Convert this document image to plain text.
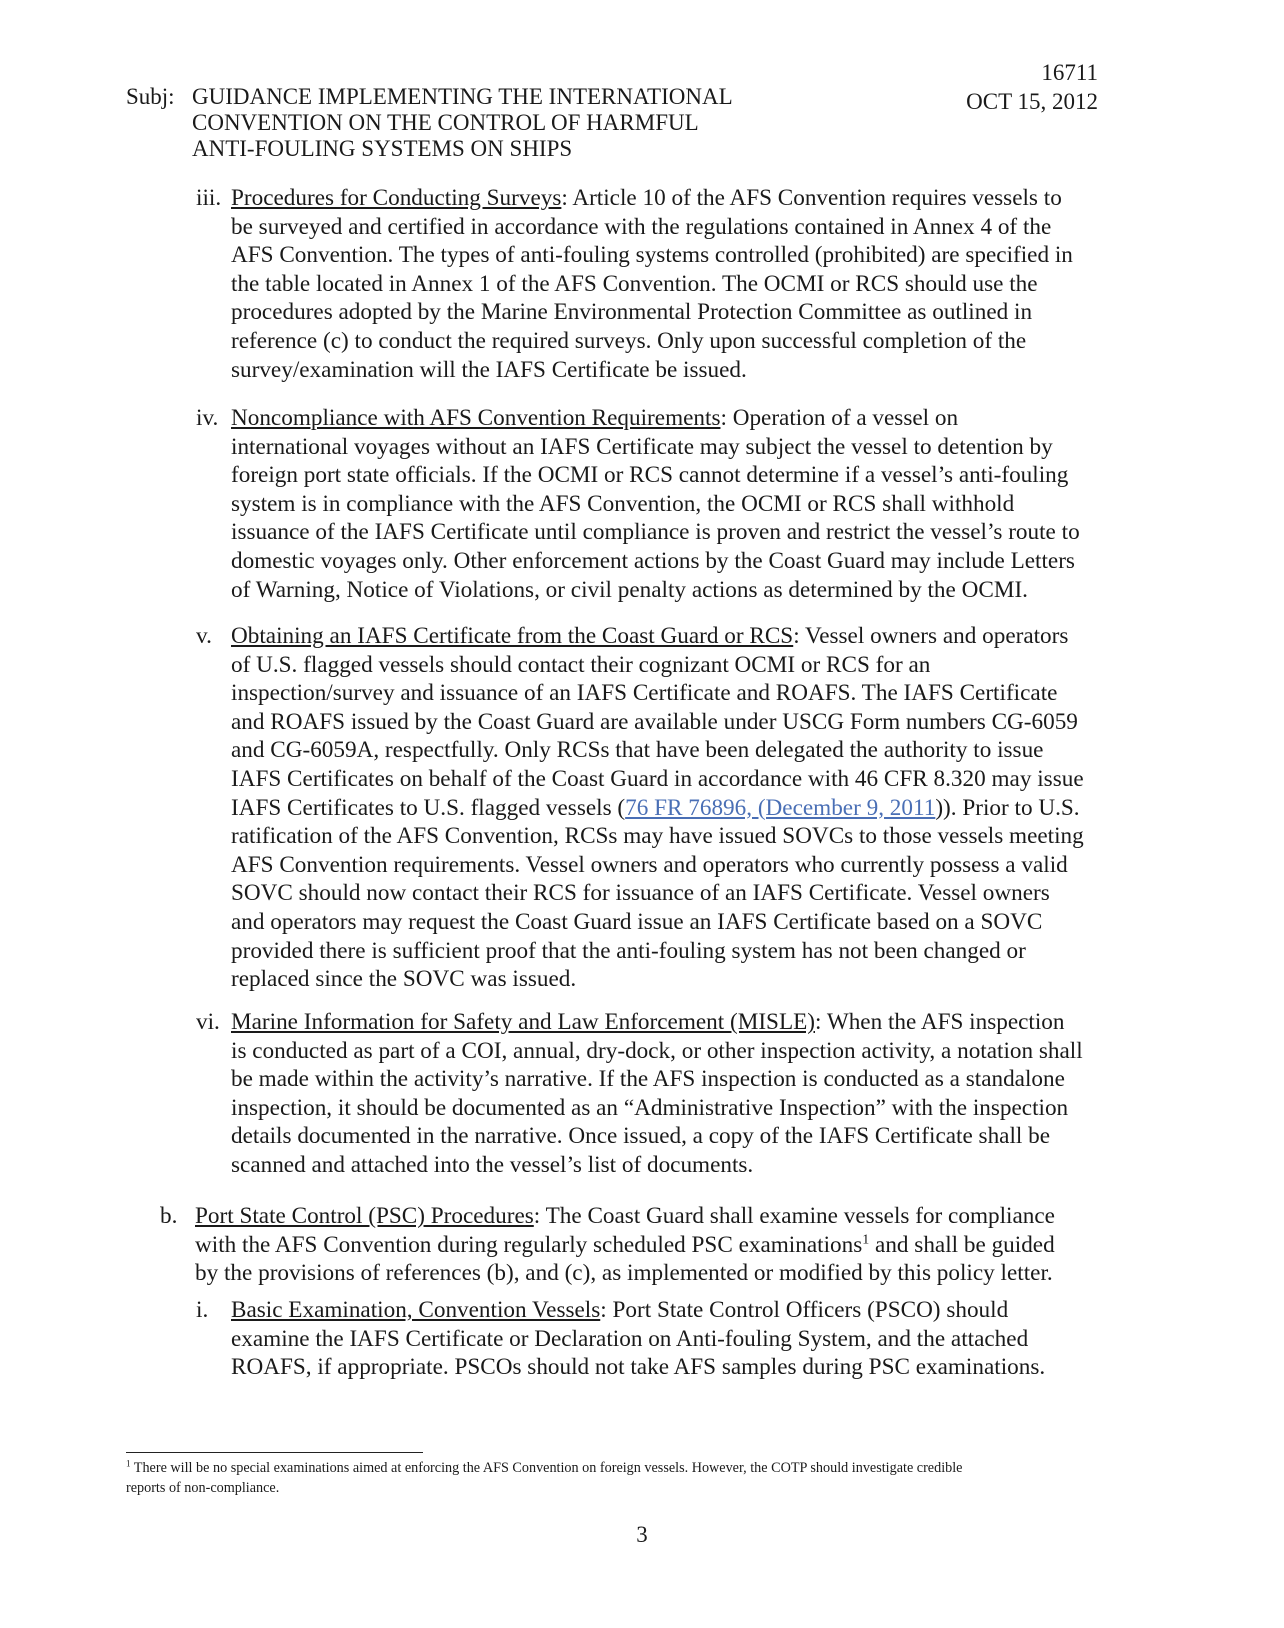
16711
OCT 15, 2012
Subj: GUIDANCE IMPLEMENTING THE INTERNATIONAL
CONVENTION ON THE CONTROL OF HARMFUL
ANTI-FOULING SYSTEMS ON SHIPS
iii. Procedures for Conducting Surveys: Article 10 of the AFS Convention requires vessels to
be surveyed and certified in accordance with the regulations contained in Annex 4 of the
AFS Convention. The types of anti-fouling systems controlled (prohibited) are specified in
the table located in Annex 1 of the AFS Convention. The OCMI or RCS should use the
procedures adopted by the Marine Environmental Protection Committee as outlined in
reference (c) to conduct the required surveys. Only upon successful completion of the
survey/examination will the IAFS Certificate be issued.
iv. Noncompliance with AFS Convention Requirements: Operation of a vessel on
international voyages without an IAFS Certificate may subject the vessel to detention by
foreign port state officials. If the OCMI or RCS cannot determine if a vessel’s anti-fouling
system is in compliance with the AFS Convention, the OCMI or RCS shall withhold
issuance of the IAFS Certificate until compliance is proven and restrict the vessel’s route to
domestic voyages only. Other enforcement actions by the Coast Guard may include Letters
of Warning, Notice of Violations, or civil penalty actions as determined by the OCMI.
v. Obtaining an IAFS Certificate from the Coast Guard or RCS: Vessel owners and operators
of U.S. flagged vessels should contact their cognizant OCMI or RCS for an
inspection/survey and issuance of an IAFS Certificate and ROAFS. The IAFS Certificate
and ROAFS issued by the Coast Guard are available under USCG Form numbers CG-6059
and CG-6059A, respectfully. Only RCSs that have been delegated the authority to issue
IAFS Certificates on behalf of the Coast Guard in accordance with 46 CFR 8.320 may issue
IAFS Certificates to U.S. flagged vessels (76 FR 76896, (December 9, 2011)). Prior to U.S.
ratification of the AFS Convention, RCSs may have issued SOVCs to those vessels meeting
AFS Convention requirements. Vessel owners and operators who currently possess a valid
SOVC should now contact their RCS for issuance of an IAFS Certificate. Vessel owners
and operators may request the Coast Guard issue an IAFS Certificate based on a SOVC
provided there is sufficient proof that the anti-fouling system has not been changed or
replaced since the SOVC was issued.
vi. Marine Information for Safety and Law Enforcement (MISLE): When the AFS inspection
is conducted as part of a COI, annual, dry-dock, or other inspection activity, a notation shall
be made within the activity’s narrative. If the AFS inspection is conducted as a standalone
inspection, it should be documented as an “Administrative Inspection” with the inspection
details documented in the narrative. Once issued, a copy of the IAFS Certificate shall be
scanned and attached into the vessel’s list of documents.
b. Port State Control (PSC) Procedures: The Coast Guard shall examine vessels for compliance
with the AFS Convention during regularly scheduled PSC examinations$^1$ and shall be guided
by the provisions of references (b), and (c), as implemented or modified by this policy letter.
i. Basic Examination, Convention Vessels: Port State Control Officers (PSCO) should
examine the IAFS Certificate or Declaration on Anti-fouling System, and the attached
ROAFS, if appropriate. PSCOs should not take AFS samples during PSC examinations.
$^1$ There will be no special examinations aimed at enforcing the AFS Convention on foreign vessels. However, the COTP should investigate credible
reports of non-compliance.
3
